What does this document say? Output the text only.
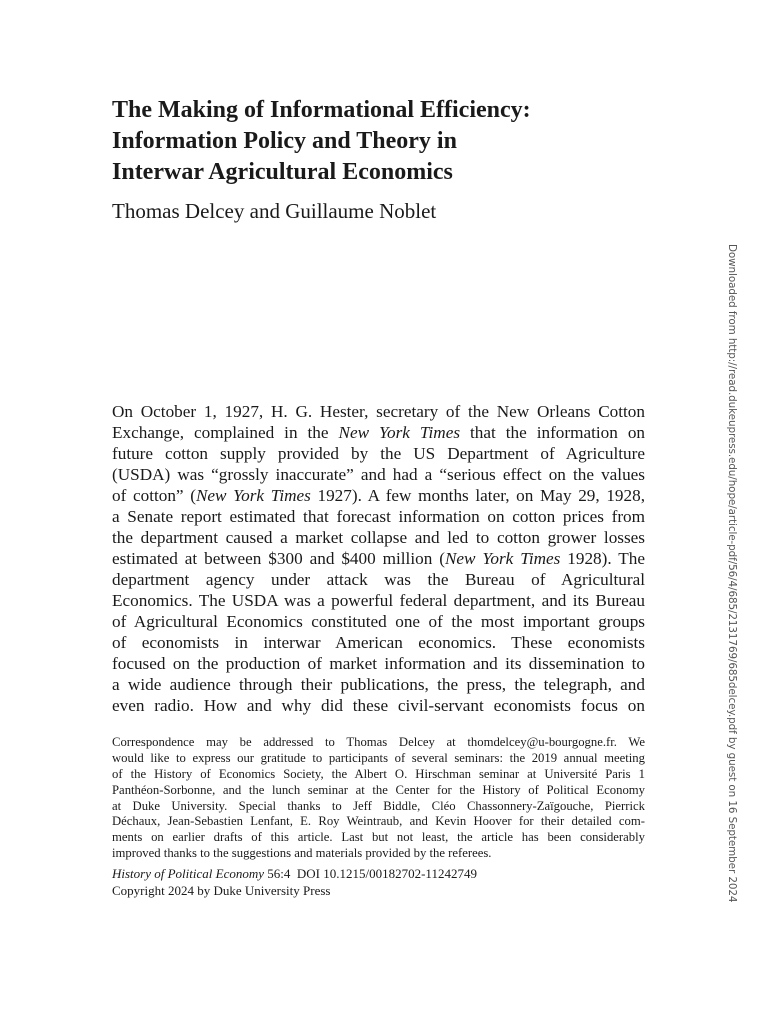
The Making of Informational Efficiency:
Information Policy and Theory in
Interwar Agricultural Economics
Thomas Delcey and Guillaume Noblet
Downloaded from http://read.dukeupress.edu/hope/article-pdf/56/4/685/2131769/685delcey.pdf by guest on 16 September 2024
On October 1, 1927, H. G. Hester, secretary of the New Orleans Cotton
Exchange, complained in the New York Times that the information on
future cotton supply provided by the US Department of Agriculture
(USDA) was “grossly inaccurate” and had a “serious effect on the values
of cotton” (New York Times 1927). A few months later, on May 29, 1928,
a Senate report estimated that forecast information on cotton prices from
the department caused a market collapse and led to cotton grower losses
estimated at between $300 and $400 million (New York Times 1928). The
department agency under attack was the Bureau of Agricultural
Economics. The USDA was a powerful federal department, and its Bureau
of Agricultural Economics constituted one of the most important groups
of economists in interwar American economics. These economists
focused on the production of market information and its dissemination to
a wide audience through their publications, the press, the telegraph, and
even radio. How and why did these civil-servant economists focus on
Correspondence may be addressed to Thomas Delcey at thomdelcey@u-bourgogne.fr. We
would like to express our gratitude to participants of several seminars: the 2019 annual meeting
of the History of Economics Society, the Albert O. Hirschman seminar at Université Paris 1
Panthéon-Sorbonne, and the lunch seminar at the Center for the History of Political Economy
at Duke University. Special thanks to Jeff Biddle, Cléo Chassonnery-Zaïgouche, Pierrick
Déchaux, Jean-Sebastien Lenfant, E. Roy Weintraub, and Kevin Hoover for their detailed com-
ments on earlier drafts of this article. Last but not least, the article has been considerably
improved thanks to the suggestions and materials provided by the referees.
History of Political Economy 56:4 DOI 10.1215/00182702-11242749
Copyright 2024 by Duke University Press
